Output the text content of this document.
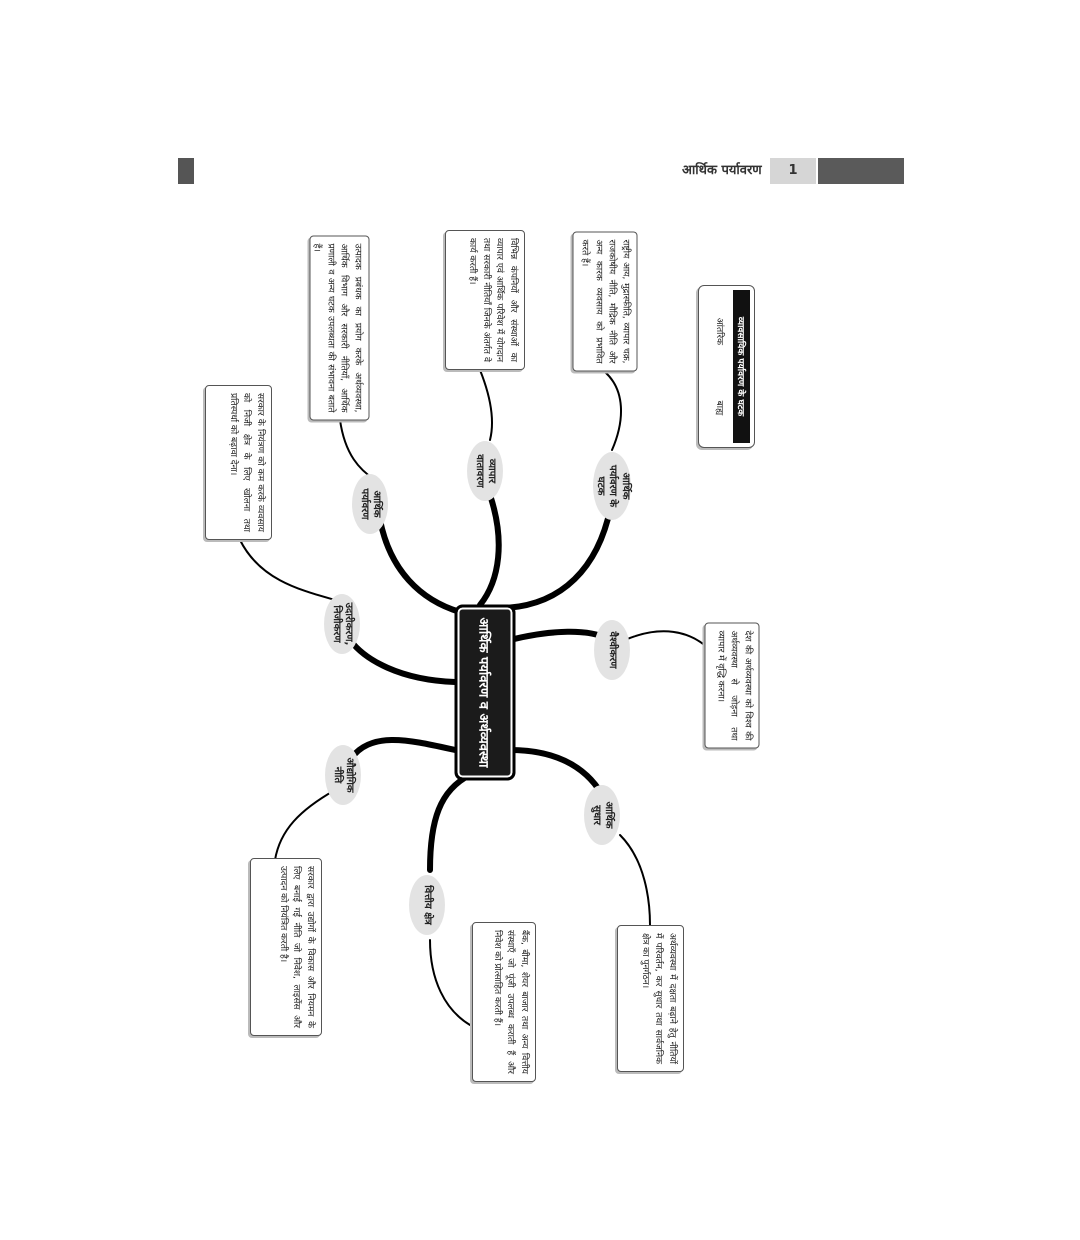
आर्थिक पर्यावरण	1
आर्थिक पर्यावरण व अर्थव्यवस्था
आर्थिक पर्यावरण
व्यापार वातावरण	आर्थिक पर्यावरण के घटक
उदारीकरण, निजीकरण
वैश्वीकरण
औद्योगिक नीति
वित्तीय क्षेत्र
आर्थिक सुधार
उत्पादक प्रबंधक का प्रयोग करके अर्थव्यवस्था, आर्थिक विभाग और सरकारी नीतियाँ, आर्थिक प्रणाली व अन्य घटक उपलब्धता की संभावना बताते हैं।	विभिन्न कंपनियों और संस्थाओं का व्यापार एवं आर्थिक परिवेश में योगदान तथा सरकारी नीतियाँ जिनके अंतर्गत वे कार्य करती हैं।	राष्ट्रीय आय, मुद्रास्फीति, व्यापार चक्र, राजकोषीय नीति, मौद्रिक नीति और अन्य कारक व्यवसाय को प्रभावित करते हैं।
सरकार के नियंत्रण को कम करके व्यवसाय को निजी क्षेत्र के लिए खोलना तथा प्रतिस्पर्धा को बढ़ावा देना।
देश की अर्थव्यवस्था को विश्व की अर्थव्यवस्था से जोड़ना तथा व्यापार में वृद्धि करना।
सरकार द्वारा उद्योगों के विकास और नियमन के लिए बनाई गई नीति जो निवेश, लाइसेंस और उत्पादन को नियंत्रित करती है।
बैंक, बीमा, शेयर बाजार तथा अन्य वित्तीय संस्थाएँ जो पूंजी उपलब्ध कराती हैं और निवेश को प्रोत्साहित करती हैं।	अर्थव्यवस्था में दक्षता बढ़ाने हेतु नीतियों में परिवर्तन, कर सुधार तथा सार्वजनिक क्षेत्र का पुनर्गठन।
व्यावसायिक पर्यावरण के घटक
आंतरिक
बाह्य
